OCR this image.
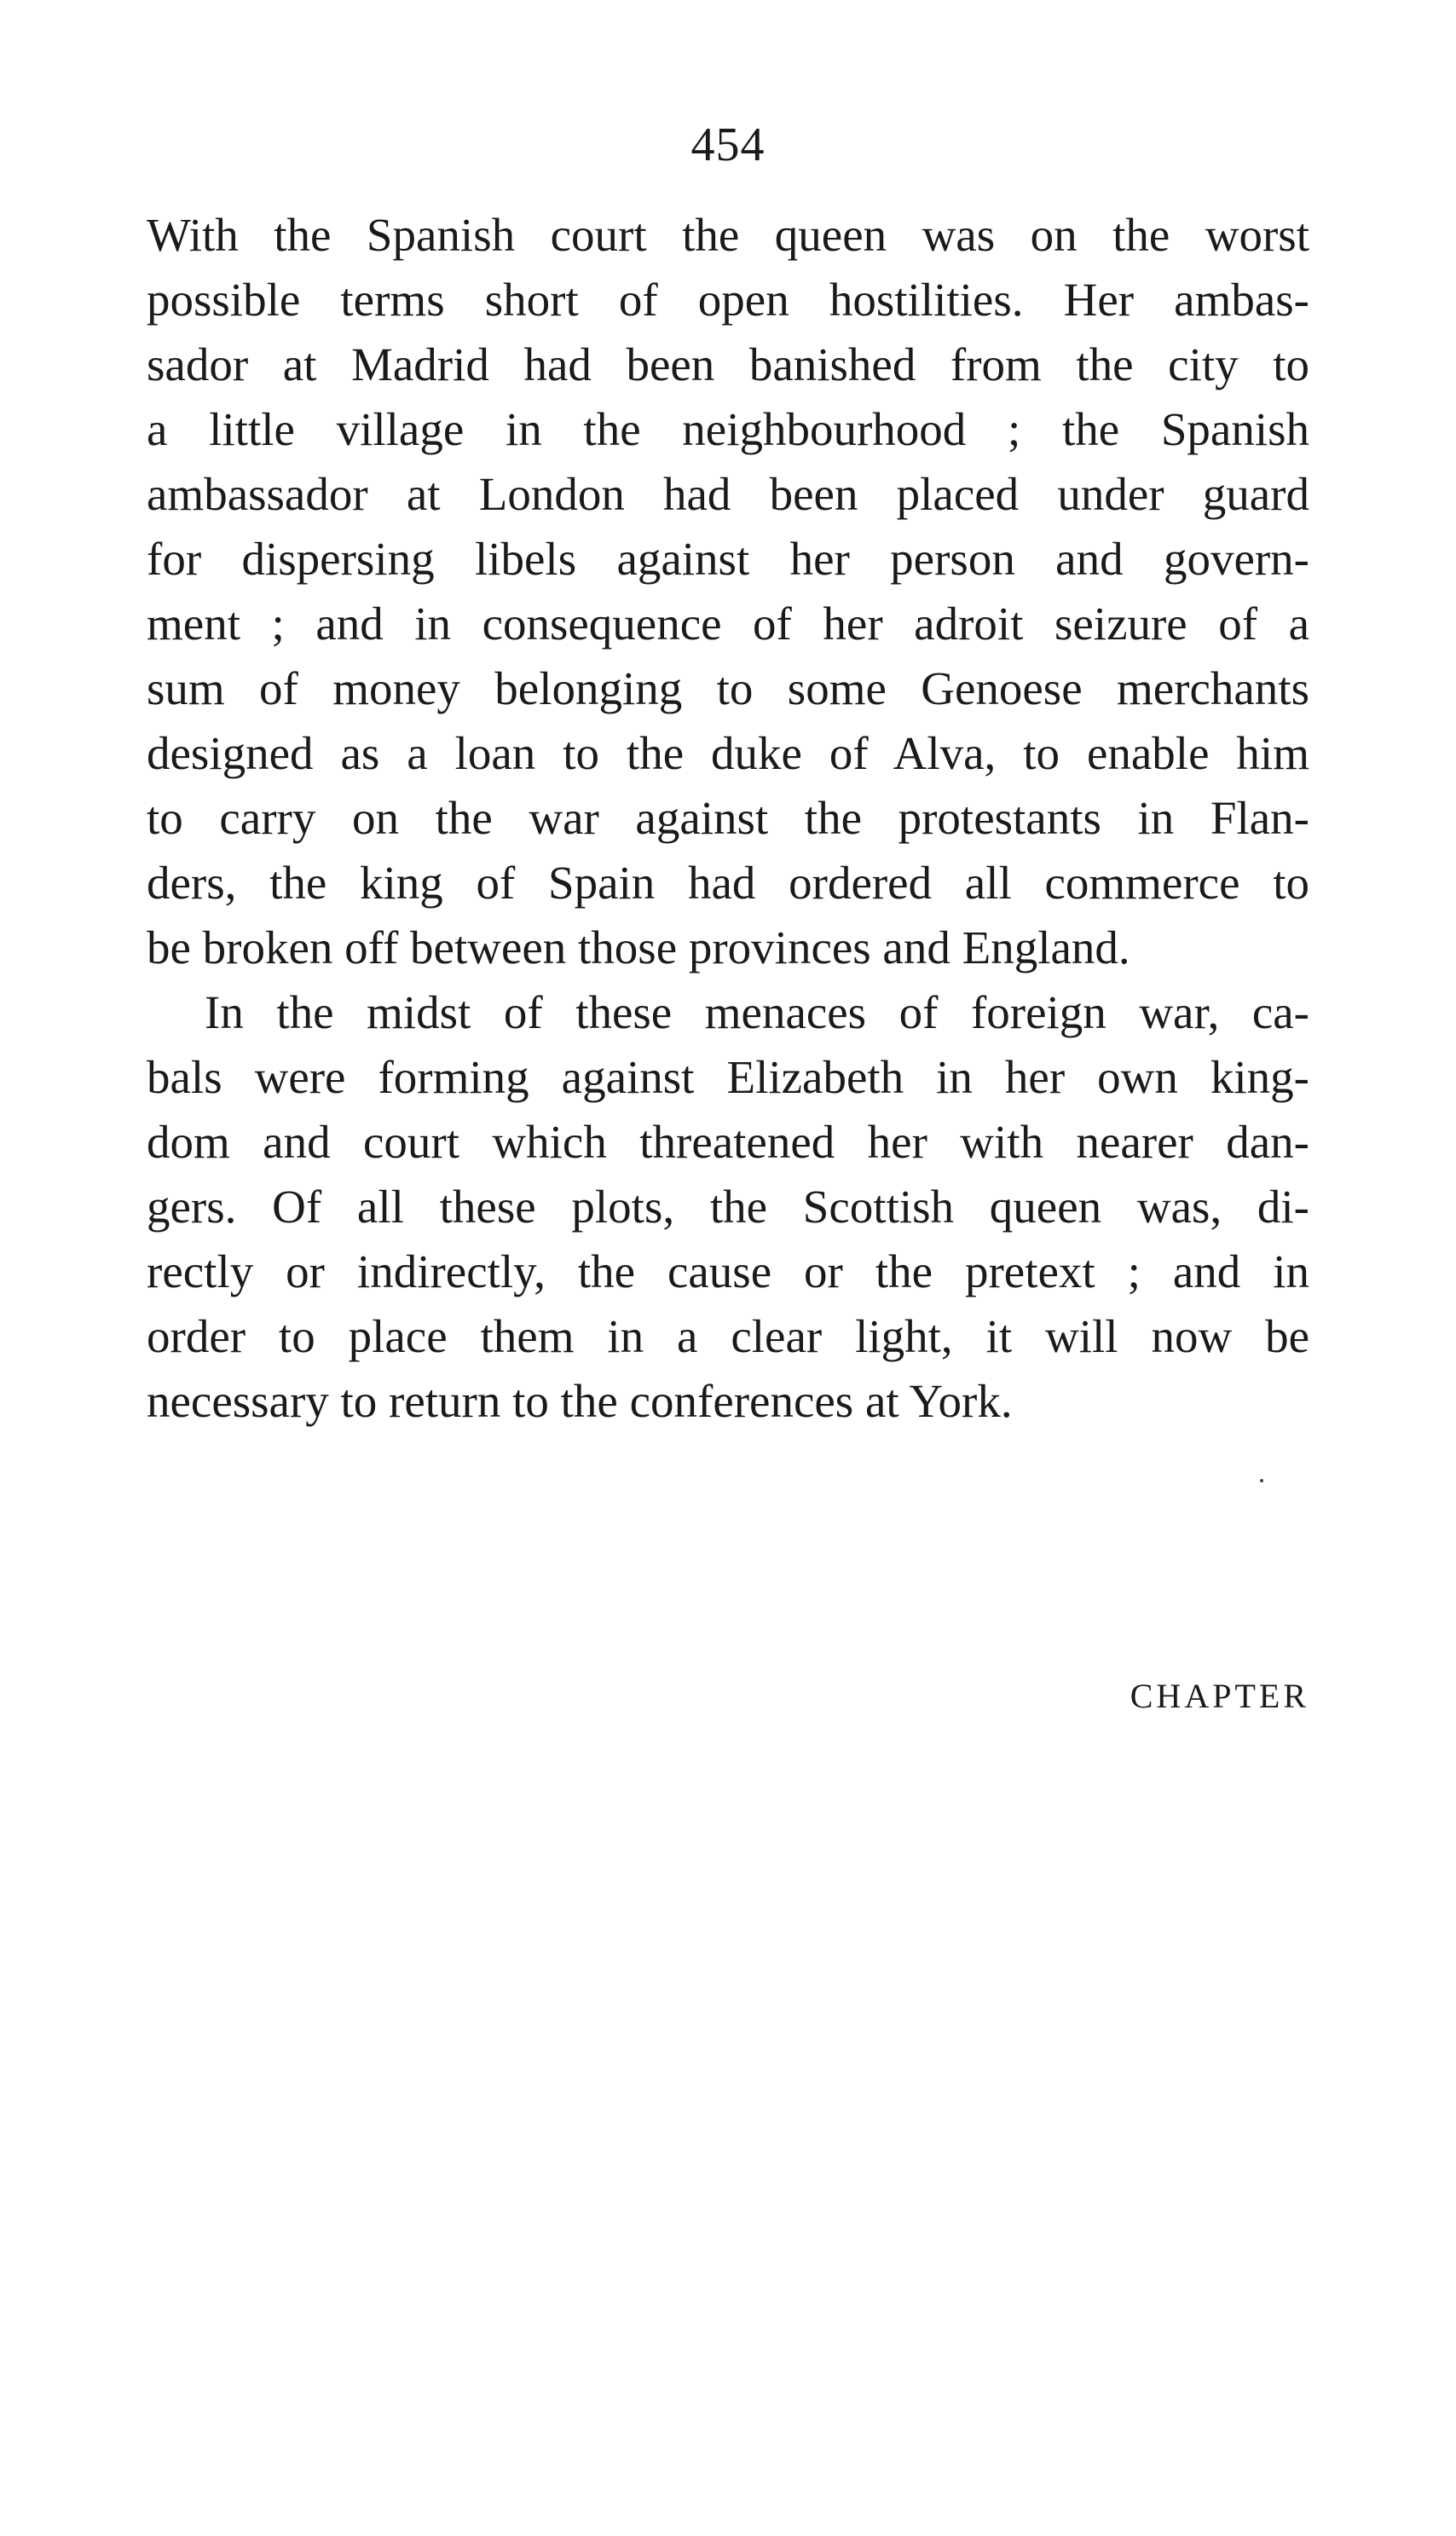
454
With the Spanish court the queen was on the worst
possible terms short of open hostilities. Her ambas-
sador at Madrid had been banished from the city to
a little village in the neighbourhood ; the Spanish
ambassador at London had been placed under guard
for dispersing libels against her person and govern-
ment ; and in consequence of her adroit seizure of a
sum of money belonging to some Genoese merchants
designed as a loan to the duke of Alva, to enable him
to carry on the war against the protestants in Flan-
ders, the king of Spain had ordered all commerce to
be broken off between those provinces and England.
In the midst of these menaces of foreign war, ca-
bals were forming against Elizabeth in her own king-
dom and court which threatened her with nearer dan-
gers. Of all these plots, the Scottish queen was, di-
rectly or indirectly, the cause or the pretext ; and in
order to place them in a clear light, it will now be
necessary to return to the conferences at York.
CHAPTER
